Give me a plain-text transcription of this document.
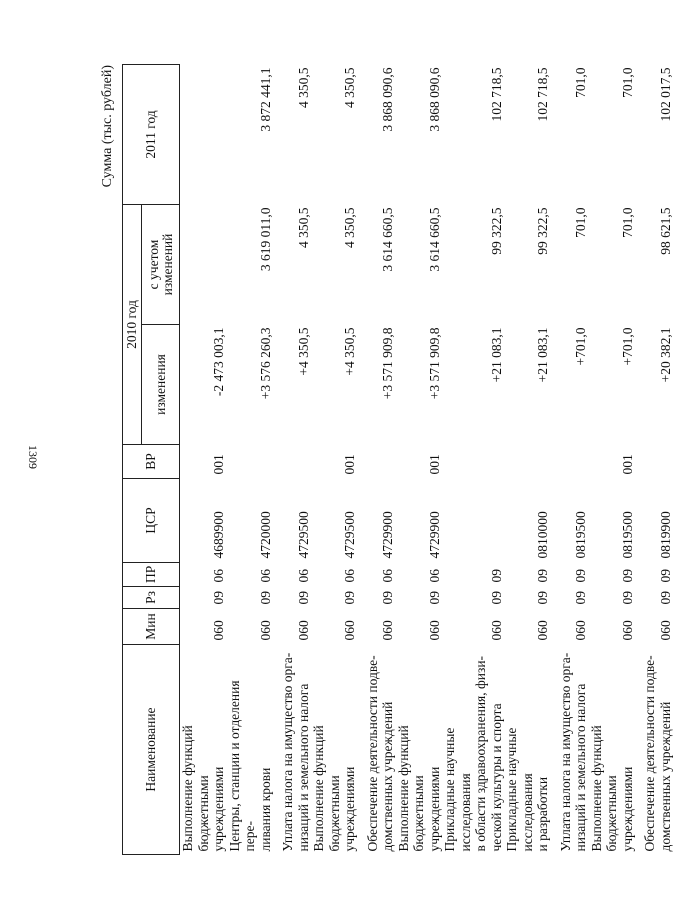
1309
Сумма (тыс. рублей)
Наименование	Мин	Рз	ПР	ЦСР	ВР	2010 год		2011 год
						изменения	с учетом изменений	
Выполнение функций бюджетными
учреждениями	060	09	06	4689900	001	-2 473 003,1		
Центры, станции и отделения пере-
ливания крови	060	09	06	4720000		+3 576 260,3	3 619 011,0	3 872 441,1
Уплата налога на имущество орга-
низаций и земельного налога	060	09	06	4729500		+4 350,5	4 350,5	4 350,5
Выполнение функций бюджетными
учреждениями	060	09	06	4729500	001	+4 350,5	4 350,5	4 350,5
Обеспечение деятельности подве-
домственных учреждений	060	09	06	4729900		+3 571 909,8	3 614 660,5	3 868 090,6
Выполнение функций бюджетными
учреждениями	060	09	06	4729900	001	+3 571 909,8	3 614 660,5	3 868 090,6
Прикладные научные исследования
в области здравоохранения, физи-
ческой культуры и спорта	060	09	09			+21 083,1	99 322,5	102 718,5
Прикладные научные исследования
и разработки	060	09	09	0810000		+21 083,1	99 322,5	102 718,5
Уплата налога на имущество орга-
низаций и земельного налога	060	09	09	0819500		+701,0	701,0	701,0
Выполнение функций бюджетными
учреждениями	060	09	09	0819500	001	+701,0	701,0	701,0
Обеспечение деятельности подве-
домственных учреждений	060	09	09	0819900		+20 382,1	98 621,5	102 017,5
